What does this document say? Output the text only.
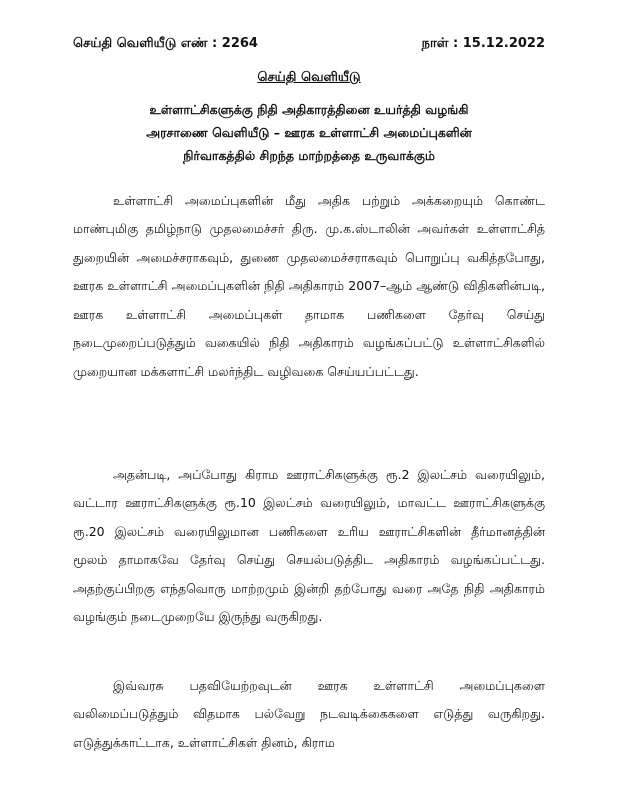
செய்தி வெளியீடு எண் : 2264	நாள் : 15.12.2022
செய்தி வெளியீடு
உள்ளாட்சிகளுக்கு நிதி அதிகாரத்தினை உயர்த்தி வழங்கி
அரசாணை வெளியீடு – ஊரக உள்ளாட்சி அமைப்புகளின்
நிர்வாகத்தில் சிறந்த மாற்றத்தை உருவாக்கும்

உள்ளாட்சி அமைப்புகளின் மீது அதிக பற்றும் அக்கறையும் கொண்ட மாண்புமிகு தமிழ்நாடு முதலமைச்சர் திரு. மு.க.ஸ்டாலின் அவர்கள் உள்ளாட்சித் துறையின் அமைச்சராகவும், துணை முதலமைச்சராகவும் பொறுப்பு வகித்தபோது, ஊரக உள்ளாட்சி அமைப்புகளின் நிதி அதிகாரம் 2007–ஆம் ஆண்டு விதிகளின்படி, ஊரக உள்ளாட்சி அமைப்புகள் தாமாக பணிகளை தேர்வு செய்து நடைமுறைப்படுத்தும் வகையில் நிதி அதிகாரம் வழங்கப்பட்டு உள்ளாட்சிகளில் முறையான மக்களாட்சி மலர்ந்திட வழிவகை செய்யப்பட்டது.

அதன்படி, அப்போது கிராம ஊராட்சிகளுக்கு ரூ.2 இலட்சம் வரையிலும், வட்டார ஊராட்சிகளுக்கு ரூ.10 இலட்சம் வரையிலும், மாவட்ட ஊராட்சிகளுக்கு ரூ.20 இலட்சம் வரையிலுமான பணிகளை உரிய ஊராட்சிகளின் தீர்மானத்தின் மூலம் தாமாகவே தேர்வு செய்து செயல்படுத்திட அதிகாரம் வழங்கப்பட்டது. அதற்குப்பிறகு எந்தவொரு மாற்றமும் இன்றி தற்போது வரை அதே நிதி அதிகாரம் வழங்கும் நடைமுறையே இருந்து வருகிறது.

இவ்வரசு பதவியேற்றவுடன் ஊரக உள்ளாட்சி அமைப்புகளை வலிமைப்படுத்தும் விதமாக பல்வேறு நடவடிக்கைகளை எடுத்து வருகிறது. எடுத்துக்காட்டாக, உள்ளாட்சிகள் தினம், கிராம
